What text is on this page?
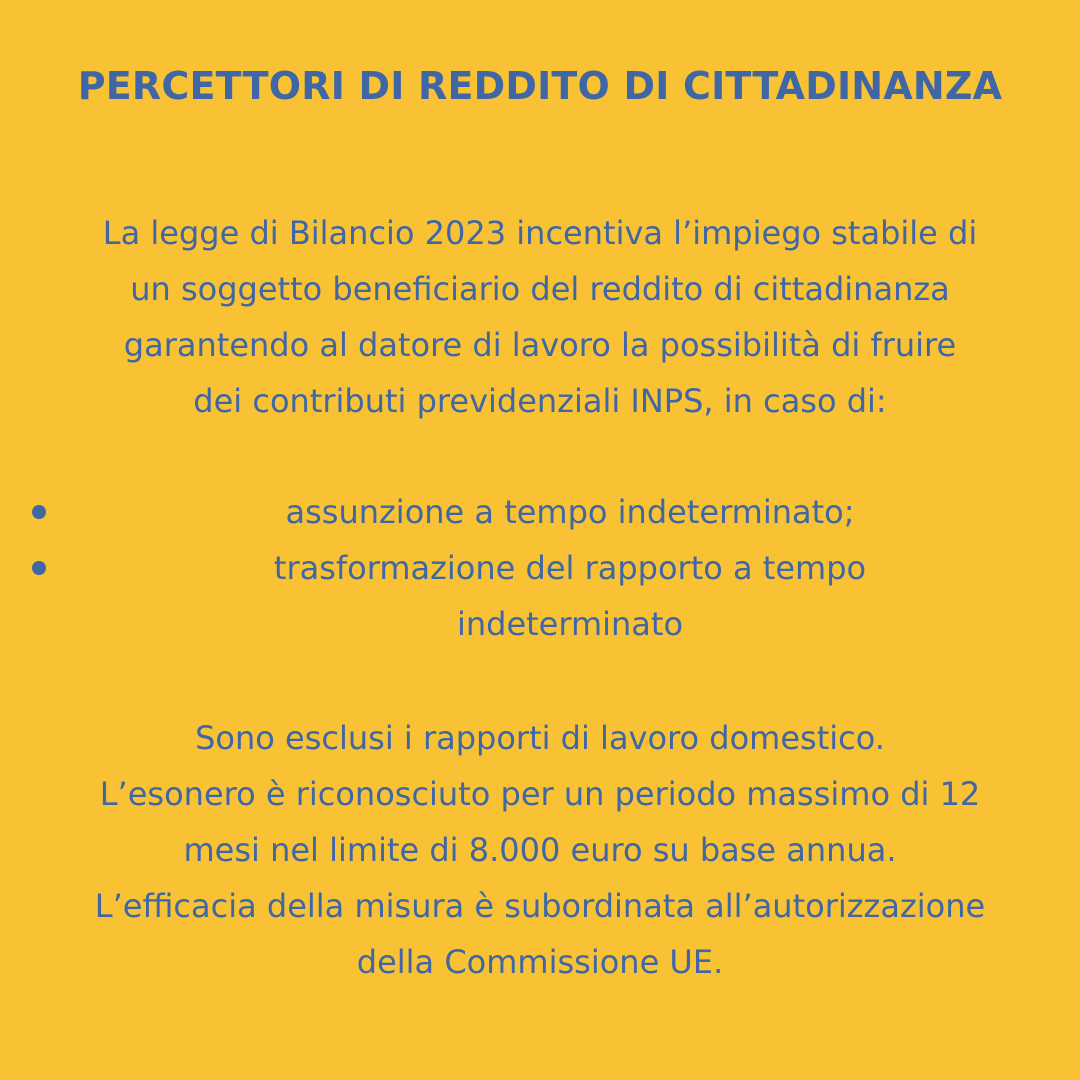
PERCETTORI DI REDDITO DI CITTADINANZA
La legge di Bilancio 2023 incentiva l’impiego stabile di
un soggetto beneficiario del reddito di cittadinanza
garantendo al datore di lavoro la possibilità di fruire
dei contributi previdenziali INPS, in caso di:
assunzione a tempo indeterminato;
trasformazione del rapporto a tempo
indeterminato
Sono esclusi i rapporti di lavoro domestico.
L’esonero è riconosciuto per un periodo massimo di 12
mesi nel limite di 8.000 euro su base annua.
L’efficacia della misura è subordinata all’autorizzazione
della Commissione UE.
